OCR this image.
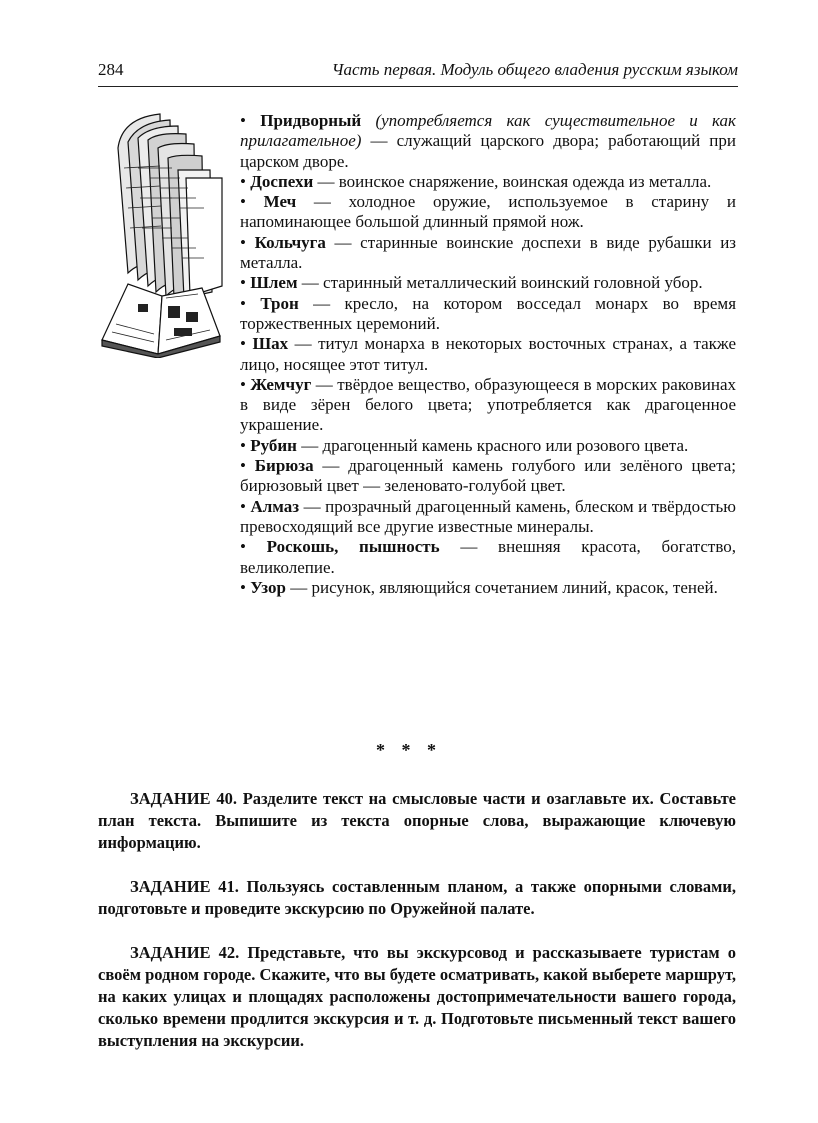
284	Часть первая. Модуль общего владения русским языком

• Придворный (употребляется как существительное и как прилагательное) — служащий царского двора; работающий при царском дворе.

• Доспехи — воинское снаряжение, воинская одежда из металла.

• Меч — холодное оружие, используемое в старину и напоминающее большой длинный прямой нож.

• Кольчуга — старинные воинские доспехи в виде рубашки из металла.

• Шлем — старинный металлический воинский головной убор.

• Трон — кресло, на котором восседал монарх во время торжественных церемоний.

• Шах — титул монарха в некоторых восточных странах, а также лицо, носящее этот титул.

• Жемчуг — твёрдое вещество, образующееся в морских раковинах в виде зёрен белого цвета; употребляется как драгоценное украшение.

• Рубин — драгоценный камень красного или розового цвета.

• Бирюза — драгоценный камень голубого или зелёного цвета; бирюзовый цвет — зеленовато-голубой цвет.

• Алмаз — прозрачный драгоценный камень, блеском и твёрдостью превосходящий все другие известные минералы.

• Роскошь, пышность — внешняя красота, богатство, великолепие.

• Узор — рисунок, являющийся сочетанием линий, красок, теней.

* * *

ЗАДАНИЕ 40. Разделите текст на смысловые части и озаглавьте их. Составьте план текста. Выпишите из текста опорные слова, выражающие ключевую информацию.

ЗАДАНИЕ 41. Пользуясь составленным планом, а также опорными словами, подготовьте и проведите экскурсию по Оружейной палате.

ЗАДАНИЕ 42. Представьте, что вы экскурсовод и рассказываете туристам о своём родном городе. Скажите, что вы будете осматривать, какой выберете маршрут, на каких улицах и площадях расположены достопримечательности вашего города, сколько времени продлится экскурсия и т. д. Подготовьте письменный текст вашего выступления на экскурсии.
